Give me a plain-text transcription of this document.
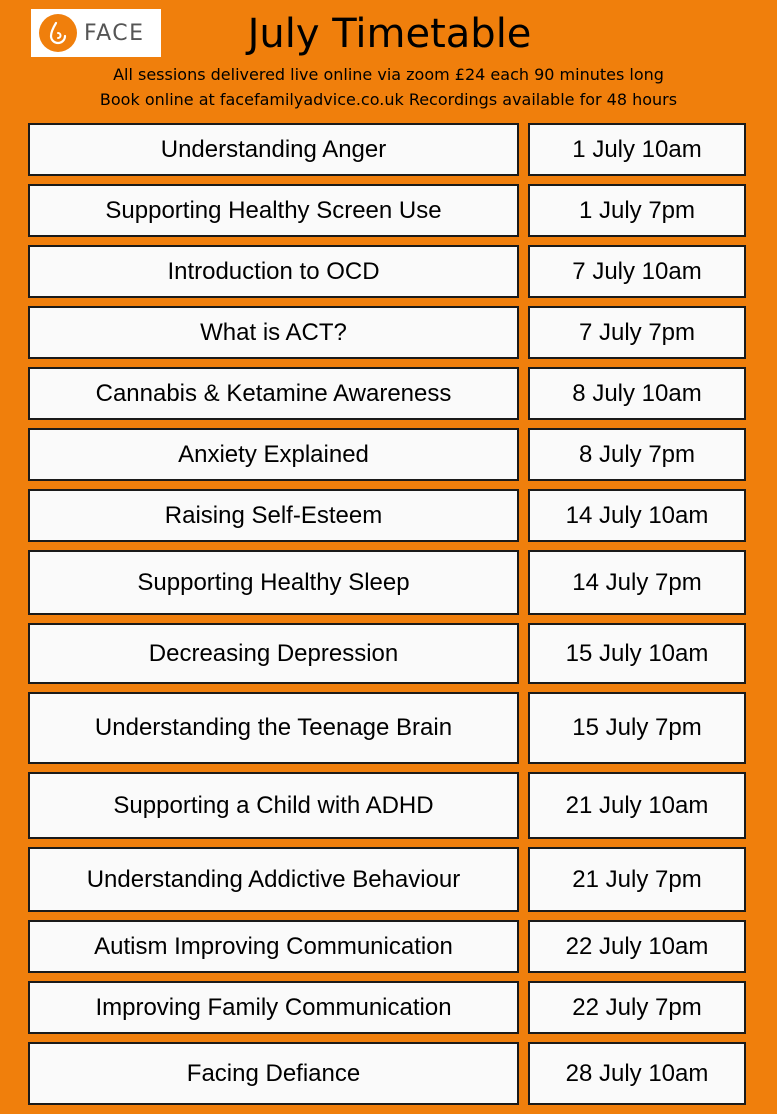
FACE	July Timetable
All sessions delivered live online via zoom £24 each 90 minutes long
Book online at facefamilyadvice.co.uk Recordings available for 48 hours
Understanding Anger	1 July 10am
Supporting Healthy Screen Use	1 July 7pm
Introduction to OCD	7 July 10am
What is ACT?	7 July 7pm
Cannabis & Ketamine Awareness	8 July 10am
Anxiety Explained	8 July 7pm
Raising Self-Esteem	14 July 10am
Supporting Healthy Sleep	14 July 7pm
Decreasing Depression	15 July 10am
Understanding the Teenage Brain	15 July 7pm
Supporting a Child with ADHD	21 July 10am
Understanding Addictive Behaviour	21 July 7pm
Autism Improving Communication	22 July 10am
Improving Family Communication	22 July 7pm
Facing Defiance	28 July 10am
